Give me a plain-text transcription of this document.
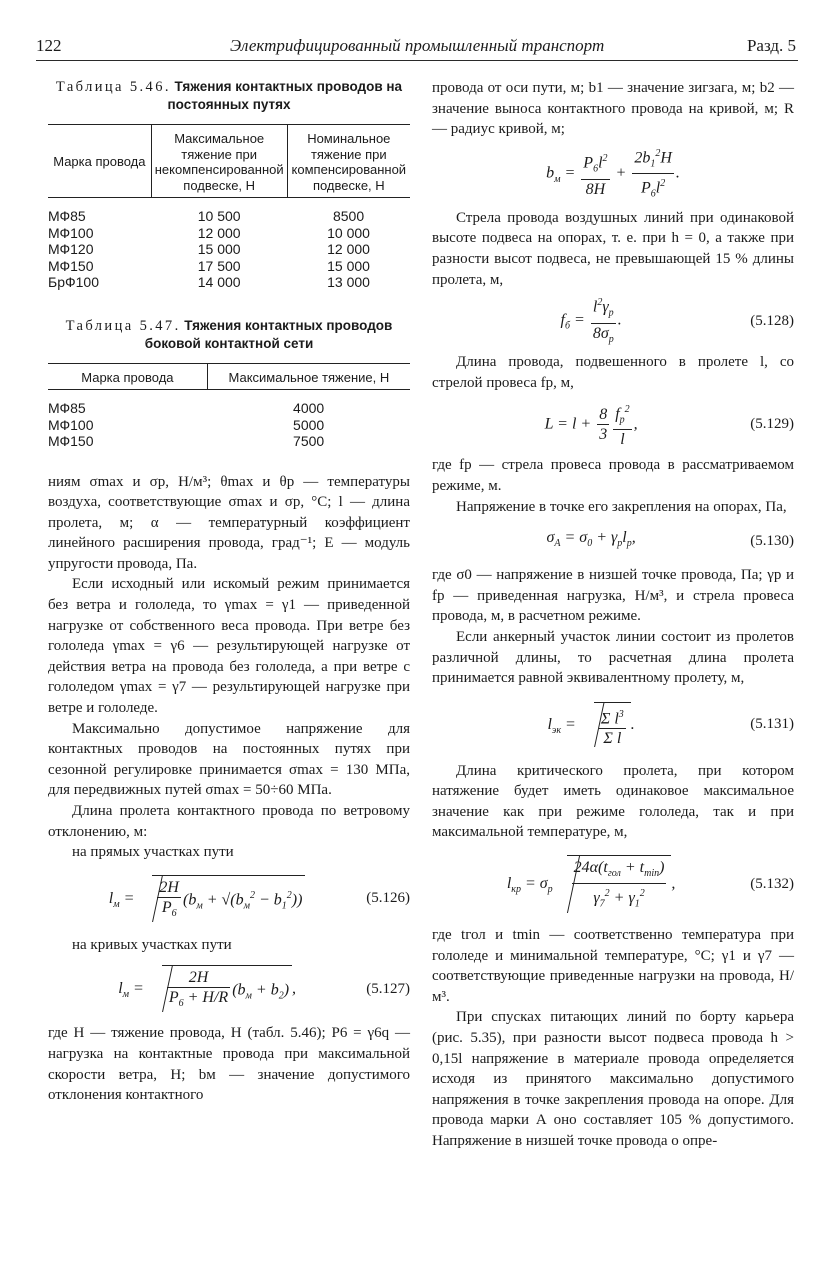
122	Электрифицированный промышленный транспорт	Разд. 5
Таблица 5.46. Тяжения контактных проводов на постоянных путях
Марка провода	Максимальное тяжение при некомпенсированной подвеске, Н	Номинальное тяжение при компенсированной подвеске, Н
МФ85	10 500	8500
МФ100	12 000	10 000
МФ120	15 000	12 000
МФ150	17 500	15 000
БрФ100	14 000	13 000
Таблица 5.47. Тяжения контактных проводов боковой контактной сети
Марка провода	Максимальное тяжение, Н
МФ85	4000
МФ100	5000
МФ150	7500

ниям σmax и σp, Н/м³; θmax и θp — температуры воздуха, соответствующие σmax и σp, °С; l — длина пролета, м; α — температурный коэффициент линейного расширения провода, град⁻¹; E — модуль упругости провода, Па.

Если исходный или искомый режим принимается без ветра и гололеда, то γmax = γ1 — приведенной нагрузке от собственного веса провода. При ветре без гололеда γmax = γ6 — результирующей нагрузке от действия ветра на провода без гололеда, а при ветре с гололедом γmax = γ7 — результирующей нагрузке при ветре и гололеде.

Максимально допустимое напряжение для контактных проводов на постоянных путях при сезонной регулировке принимается σmax = 130 МПа, для передвижных путей σmax = 50÷60 МПа.

Длина пролета контактного провода по ветровому отклонению, м:

на прямых участках пути

$l_м = \frac{2H}{P_6} (b_м + √(b_м^2 - b_1^2))$	(5.126)

на кривых участках пути

$l_м = \frac{2H}{P_6 + H/R} (b_м + b_2)$ ,	(5.127)

где H — тяжение провода, Н (табл. 5.46); P6 = γ6q — нагрузка на контактные провода при максимальной скорости ветра, Н; bм — значение допустимого отклонения контактного

провода от оси пути, м; b1 — значение зигзага, м; b2 — значение выноса контактного провода на кривой, м; R — радиус кривой, м;

$b_м = \frac{P_6l^2}{8H} + \frac{2b_1^2H}{P_6l^2}$ .

Стрела провода воздушных линий при одинаковой высоте подвеса на опорах, т. е. при h = 0, а также при разности высот подвеса, не превышающей 15 % длины пролета, м,

$f_б = \frac{l^2\gamma_p}{8\sigma_p}$ .	(5.128)

Длина провода, подвешенного в пролете l, со стрелой провеса fp, м,

$L = l + \frac{8}{3} \frac{f_p^2}{l}$ ,	(5.129)

где fp — стрела провеса провода в рассматриваемом режиме, м.

Напряжение в точке его закрепления на опорах, Па,

$\sigma_A = \sigma_0 + \gamma_pl_p$,	(5.130)

где σ0 — напряжение в низшей точке провода, Па; γp и fp — приведенная нагрузка, Н/м³, и стрела провеса провода, м, в расчетном режиме.

Если анкерный участок линии состоит из пролетов различной длины, то расчетная длина пролета принимается равной эквивалентному пролету, м,

$l_{эк} = \frac{\Sigma l^3}{\text{Σ l}}$ .	(5.131)

Длина критического пролета, при котором натяжение будет иметь одинаковое максимальное значение как при режиме гололеда, так и при максимальной температуре, м,

$l_{кр} = \sigma_p \frac{24\alpha(t_{гол} + t_{min})}{\gamma_7^2 + \gamma_1^2}$ ,	(5.132)

где tгол и tmin — соответственно температура при гололеде и минимальной температуре, °С; γ1 и γ7 — соответствующие приведенные нагрузки на провода, Н/м³.

При спусках питающих линий по борту карьера (рис. 5.35), при разности высот подвеса провода h > 0,15l напряжение в материале провода определяется исходя из принятого максимально допустимого напряжения в точке закрепления провода на опоре. Для провода марки А оно составляет 105 % допустимого. Напряжение в низшей точке провода о опре-
